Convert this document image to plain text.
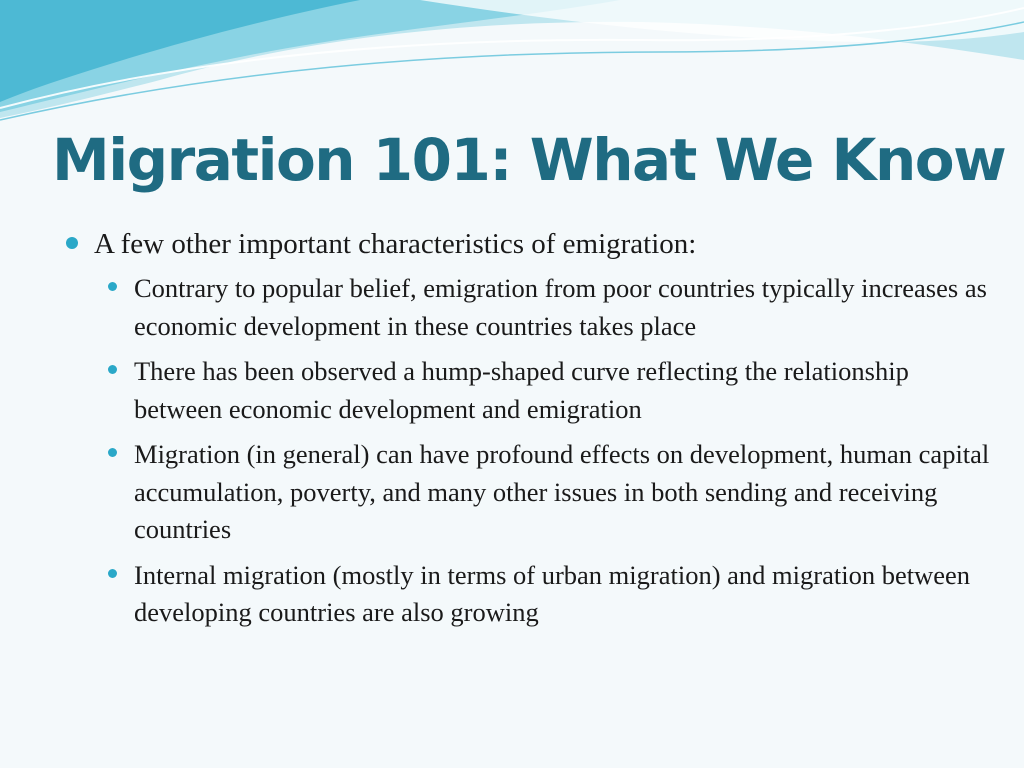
Migration 101: What We Know
A few other important characteristics of emigration:
Contrary to popular belief, emigration from poor countries typically increases as economic development in these countries takes place
There has been observed a hump-shaped curve reflecting the relationship between economic development and emigration
Migration (in general) can have profound effects on development, human capital accumulation, poverty, and many other issues in both sending and receiving countries
Internal migration (mostly in terms of urban migration) and migration between developing countries are also growing
